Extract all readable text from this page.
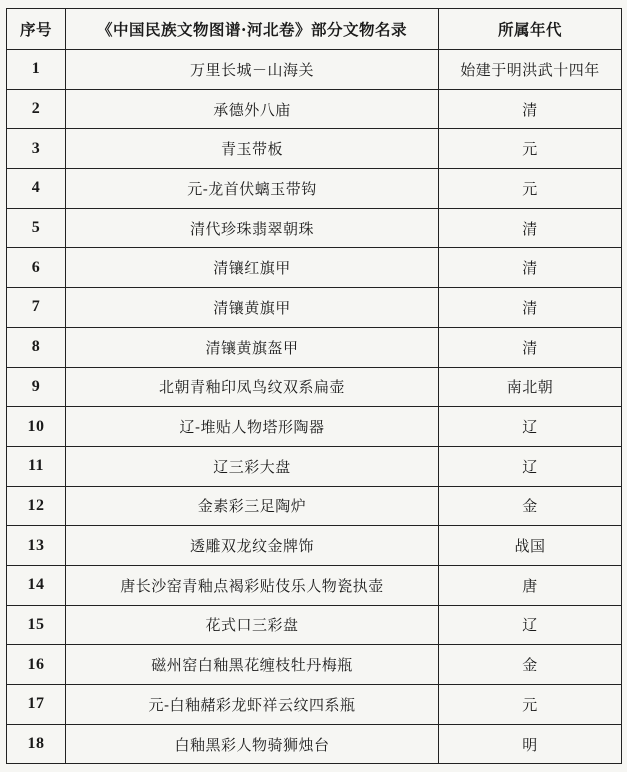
序号	《中国民族文物图谱·河北卷》部分文物名录	所属年代
1	万里长城－山海关	始建于明洪武十四年
2	承德外八庙	清
3	青玉带板	元
4	元-龙首伏螭玉带钩	元
5	清代珍珠翡翠朝珠	清
6	清镶红旗甲	清
7	清镶黄旗甲	清
8	清镶黄旗盔甲	清
9	北朝青釉印凤鸟纹双系扁壶	南北朝
10	辽-堆贴人物塔形陶器	辽
11	辽三彩大盘	辽
12	金素彩三足陶炉	金
13	透雕双龙纹金牌饰	战国
14	唐长沙窑青釉点褐彩贴伎乐人物瓷执壶	唐
15	花式口三彩盘	辽
16	磁州窑白釉黑花缠枝牡丹梅瓶	金
17	元-白釉赭彩龙虾祥云纹四系瓶	元
18	白釉黑彩人物骑狮烛台	明
